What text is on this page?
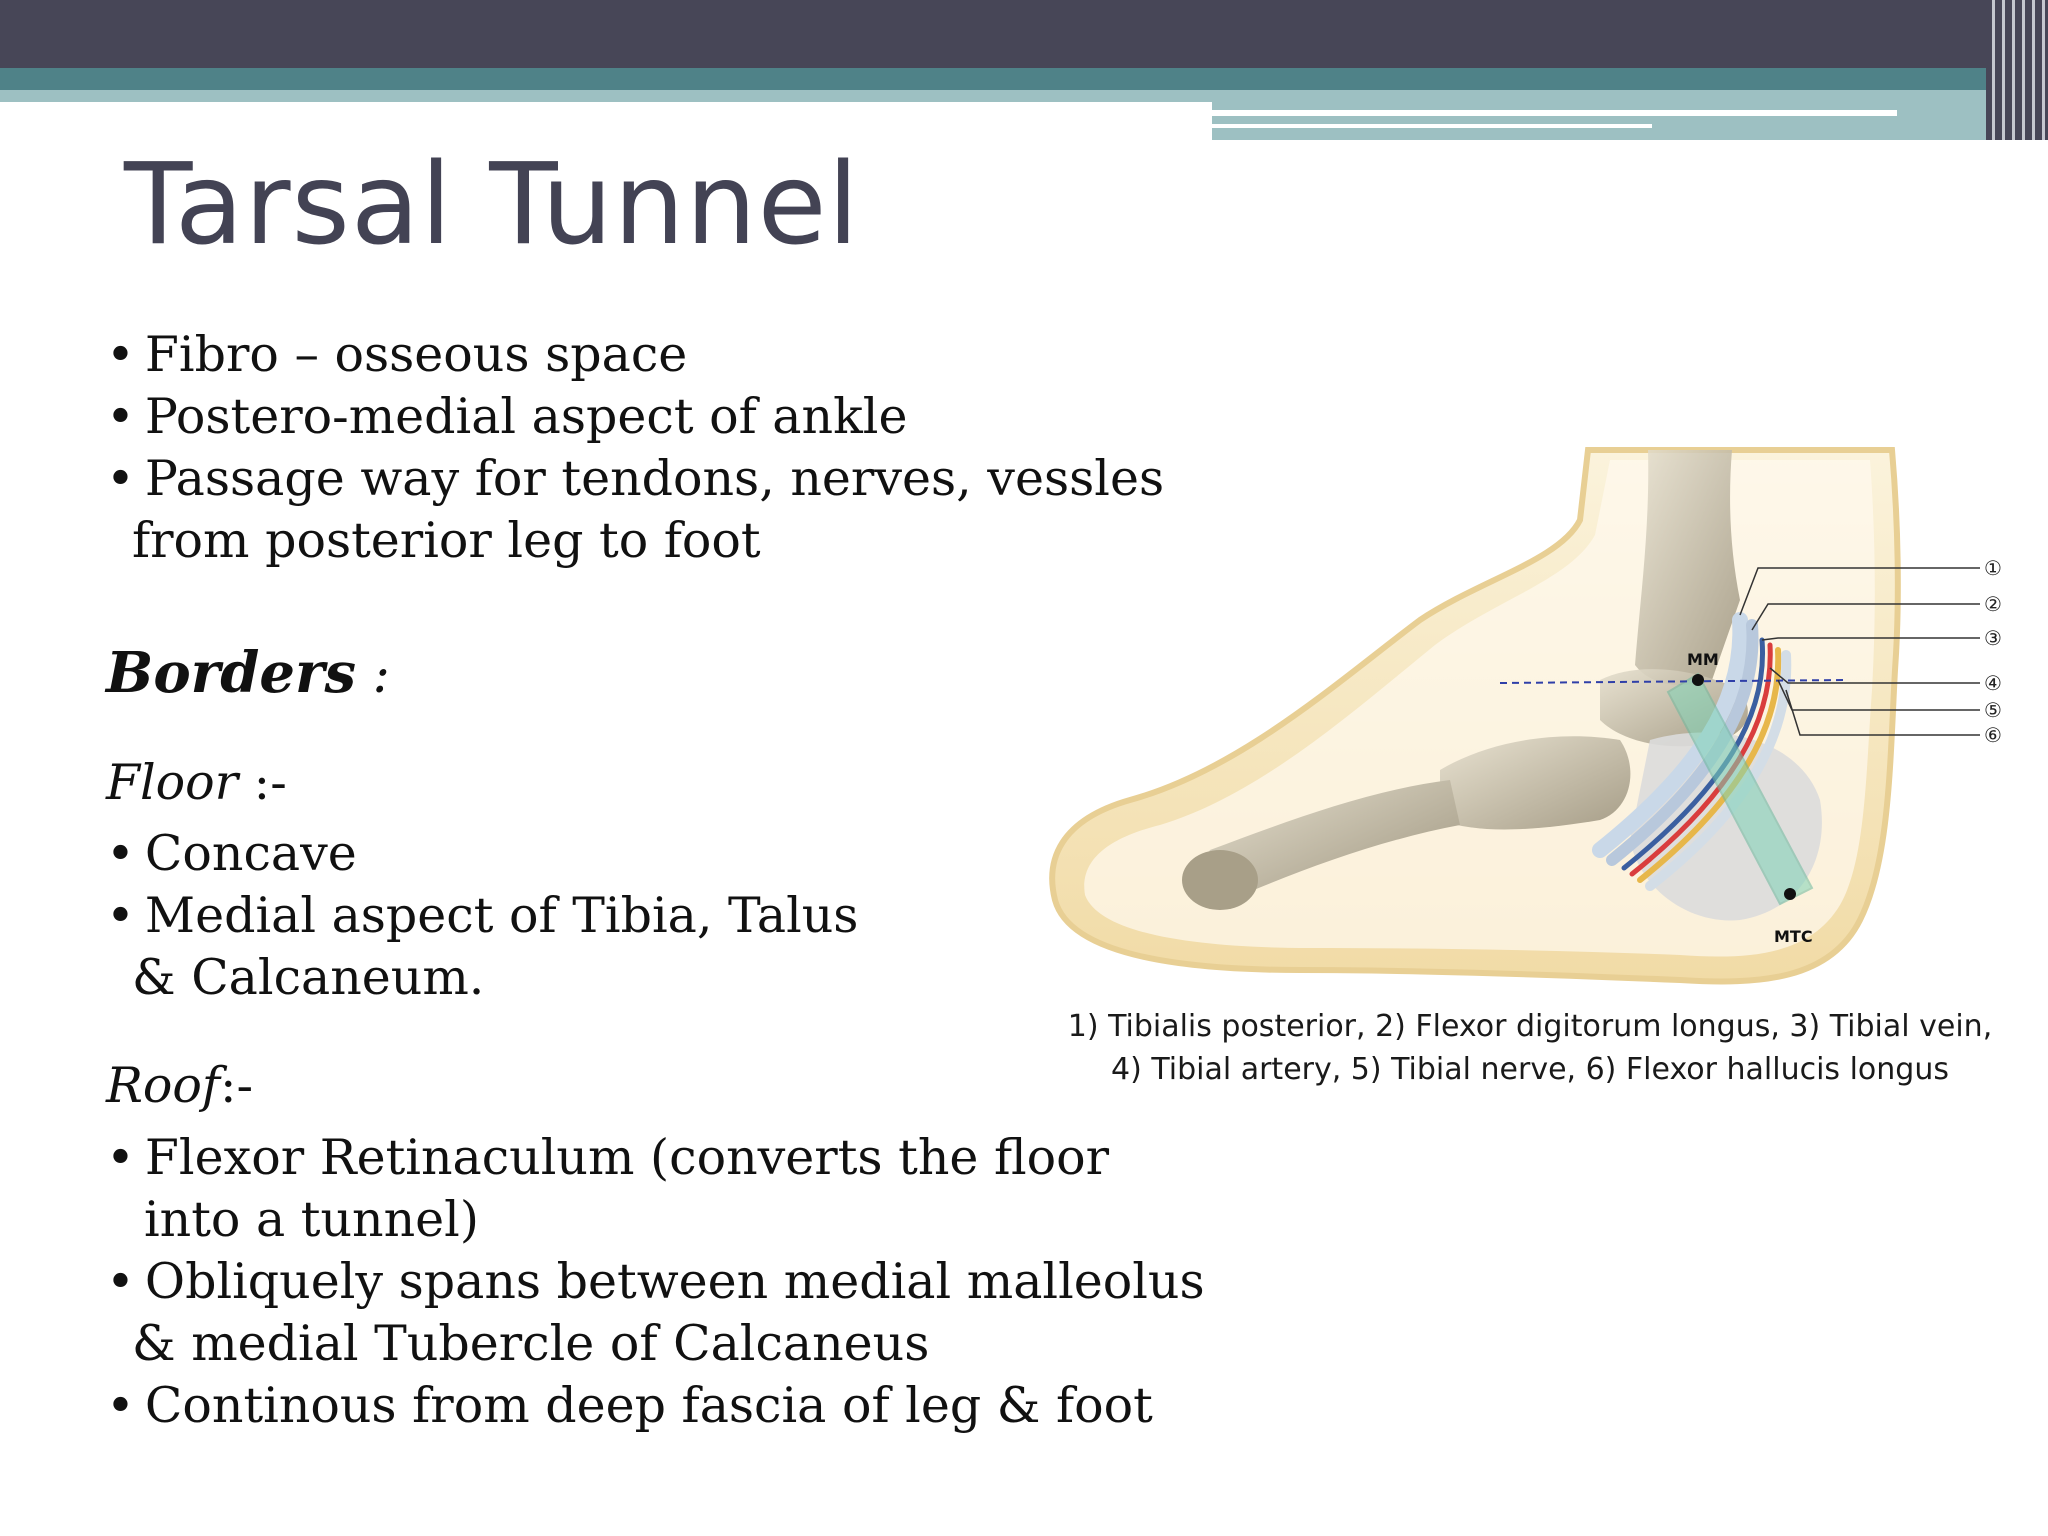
Tarsal Tunnel
• Fibro – osseous space
• Postero-medial aspect of ankle
• Passage way for tendons, nerves, vessles
from posterior leg to foot
Borders :
Floor :-
• Concave
• Medial aspect of Tibia, Talus
& Calcaneum.
Roof:-
• Flexor Retinaculum (converts the floor
into a tunnel)
• Obliquely spans between medial malleolus
& medial Tubercle of Calcaneus
• Continous from deep fascia of leg & foot
MM
MTC
①
②
③
④
⑤
⑥
1) Tibialis posterior, 2) Flexor digitorum longus, 3) Tibial vein,
4) Tibial artery, 5) Tibial nerve, 6) Flexor hallucis longus
